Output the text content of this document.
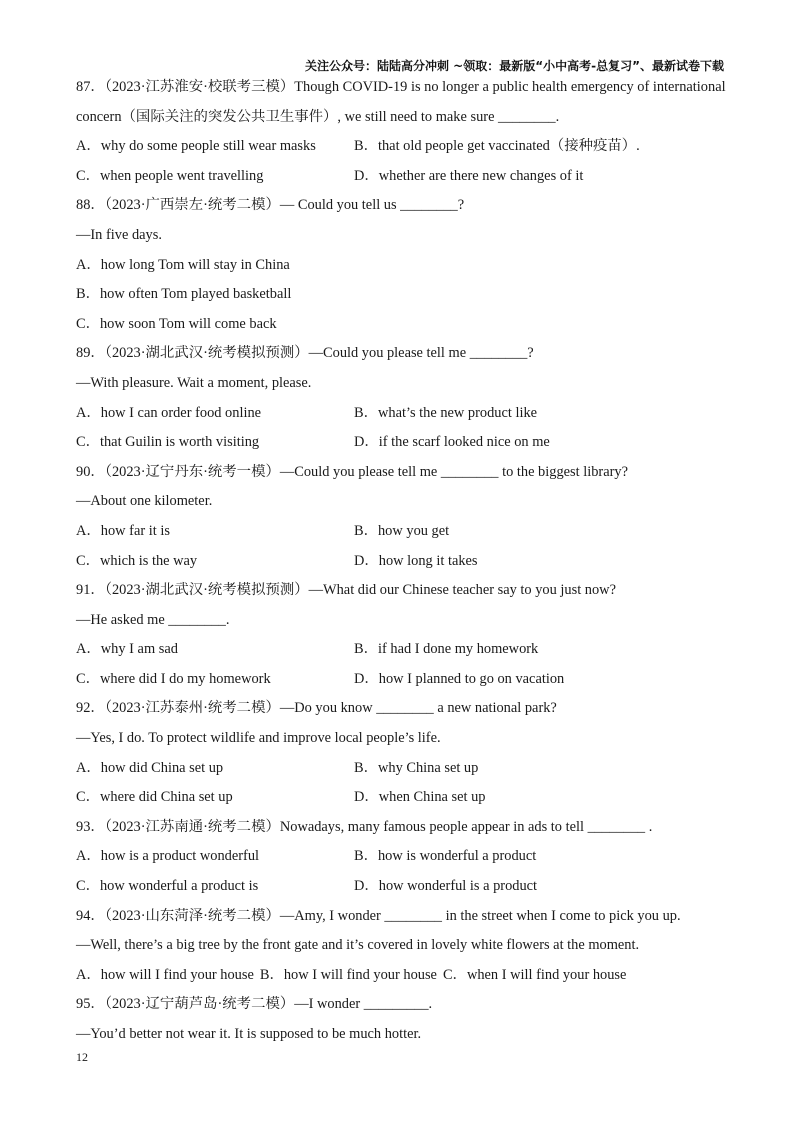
关注公众号：陆陆高分冲刺 ~领取：最新版“小中高考-总复习”、最新试卷下载
87．（2023·江苏淮安·校联考三模）Though COVID-19 is no longer a public health emergency of international
concern（国际关注的突发公共卫生事件）, we still need to make sure ________.
A．why do some people still wear masks	B．that old people get vaccinated（接种疫苗）.
C．when people went travelling	D．whether are there new changes of it
88．（2023·广西崇左·统考二模）— Could you tell us ________?
—In five days.
A．how long Tom will stay in China
B．how often Tom played basketball
C．how soon Tom will come back
89．（2023·湖北武汉·统考模拟预测）—Could you please tell me ________?
—With pleasure. Wait a moment, please.
A．how I can order food online	B．what’s the new product like
C．that Guilin is worth visiting	D．if the scarf looked nice on me
90．（2023·辽宁丹东·统考一模）—Could you please tell me ________ to the biggest library?
—About one kilometer.
A．how far it is	B．how you get
C．which is the way	D．how long it takes
91．（2023·湖北武汉·统考模拟预测）—What did our Chinese teacher say to you just now?
—He asked me ________.
A．why I am sad	B．if had I done my homework
C．where did I do my homework	D．how I planned to go on vacation
92．（2023·江苏泰州·统考二模）—Do you know ________ a new national park?
—Yes, I do. To protect wildlife and improve local people’s life.
A．how did China set up	B．why China set up
C．where did China set up	D．when China set up
93．（2023·江苏南通·统考二模）Nowadays, many famous people appear in ads to tell ________ .
A．how is a product wonderful	B．how is wonderful a product
C．how wonderful a product is	D．how wonderful is a product
94．（2023·山东菏泽·统考二模）—Amy, I wonder ________ in the street when I come to pick you up.
—Well, there’s a big tree by the front gate and it’s covered in lovely white flowers at the moment.
A．how will I find your house B．how I will find your house C．when I will find your house
95．（2023·辽宁葫芦岛·统考二模）—I wonder _________.
—You’d better not wear it. It is supposed to be much hotter.
12
